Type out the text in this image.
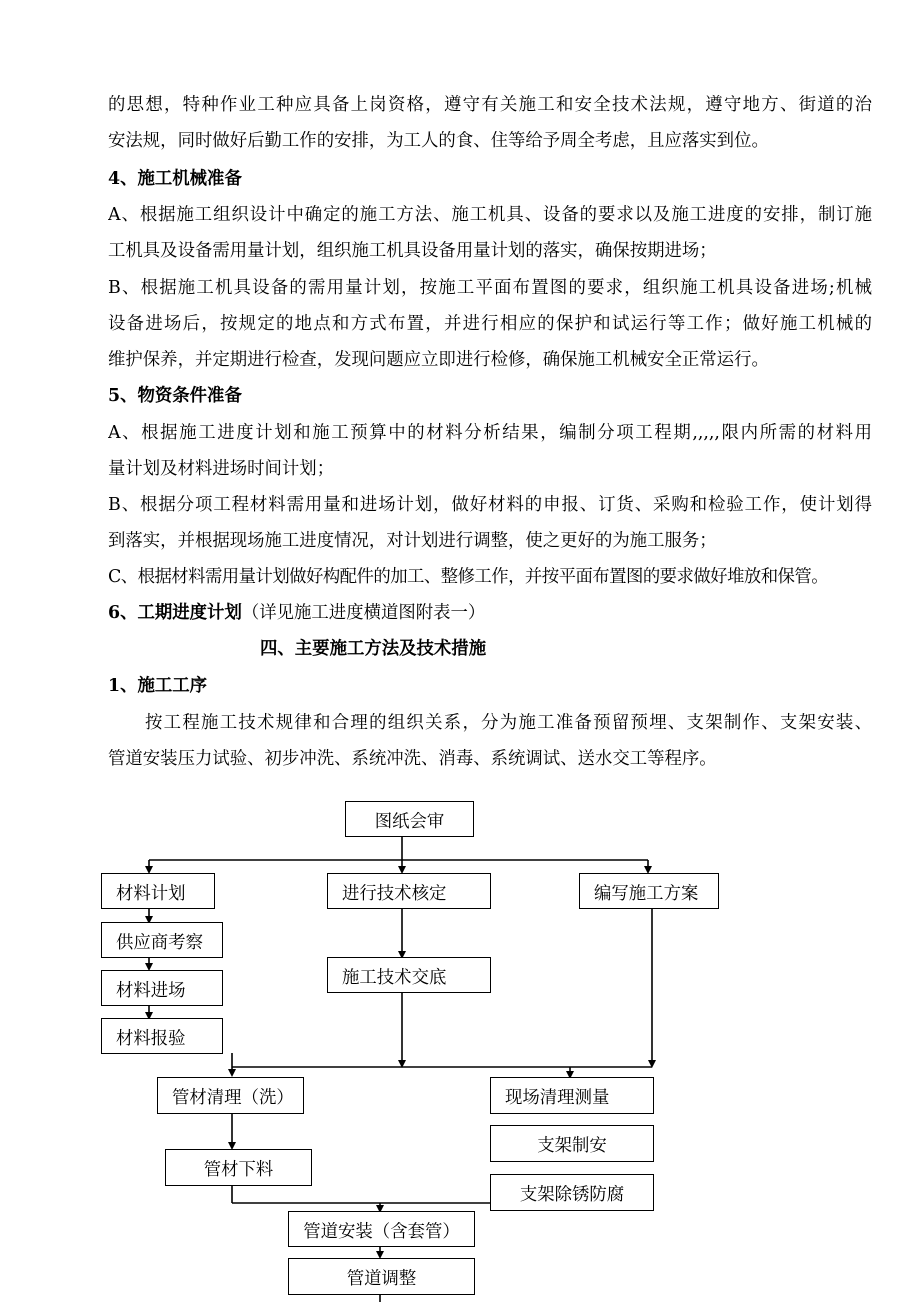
的思想，特种作业工种应具备上岗资格，遵守有关施工和安全技术法规，遵守地方、街道的治
安法规，同时做好后勤工作的安排，为工人的食、住等给予周全考虑，且应落实到位。
4、施工机械准备
A、根据施工组织设计中确定的施工方法、施工机具、设备的要求以及施工进度的安排，制订施
工机具及设备需用量计划，组织施工机具设备用量计划的落实，确保按期进场；
B、根据施工机具设备的需用量计划，按施工平面布置图的要求，组织施工机具设备进场;机械
设备进场后，按规定的地点和方式布置，并进行相应的保护和试运行等工作；做好施工机械的
维护保养，并定期进行检查，发现问题应立即进行检修，确保施工机械安全正常运行。
5、物资条件准备
A、根据施工进度计划和施工预算中的材料分析结果，编制分项工程期,,,,,限内所需的材料用
量计划及材料进场时间计划；
B、根据分项工程材料需用量和进场计划，做好材料的申报、订货、采购和检验工作，使计划得
到落实，并根据现场施工进度情况，对计划进行调整，使之更好的为施工服务；
C、根据材料需用量计划做好构配件的加工、整修工作，并按平面布置图的要求做好堆放和保管。
6、工期进度计划（详见施工进度横道图附表一）
四、主要施工方法及技术措施
1、施工工序
按工程施工技术规律和合理的组织关系，分为施工准备预留预埋、支架制作、支架安装、
管道安装压力试验、初步冲洗、系统冲洗、消毒、系统调试、送水交工等程序。
图纸会审
材料计划
供应商考察
材料进场
材料报验
进行技术核定
施工技术交底
编写施工方案
管材清理（洗）
管材下料
现场清理测量
支架制安
支架除锈防腐
管道安装（含套管）
管道调整
